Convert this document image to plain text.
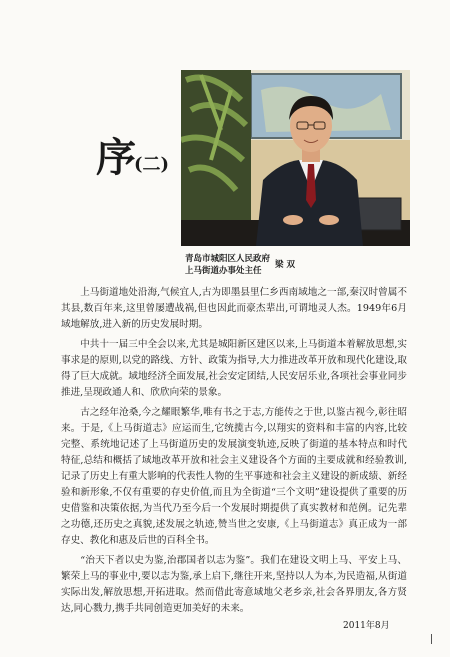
序
(二)
青岛市城阳区人民政府
上马街道办事处主任
梁 双

上马街道地处沿海,气候宜人,古为即墨县里仁乡西南域地之一部,秦汉时曾属不其县,数百年来,这里曾屡遭战祸,但也因此而豪杰辈出,可谓地灵人杰。1949年6月域地解放,进入新的历史发展时期。

中共十一届三中全会以来,尤其是城阳新区建区以来,上马街道本着解放思想,实事求是的原则,以党的路线、方针、政策为指导,大力推进改革开放和现代化建设,取得了巨大成就。域地经济全面发展,社会安定团结,人民安居乐业,各项社会事业同步推进,呈现政通人和、欣欣向荣的景象。

古之经年沧桑,今之耀眼繁华,唯有书之于志,方能传之于世,以鉴古视今,彰往昭来。于是,《上马街道志》应运而生,它统揽古今,以翔实的资料和丰富的内容,比较完整、系统地记述了上马街道历史的发展演变轨迹,反映了街道的基本特点和时代特征,总结和概括了域地改革开放和社会主义建设各个方面的主要成就和经验教训,记录了历史上有重大影响的代表性人物的生平事迹和社会主义建设的新成绩、新经验和新形象,不仅有重要的存史价值,而且为全街道“三个文明”建设提供了重要的历史借鉴和决策依据,为当代乃至今后一个发展时期提供了真实教材和范例。记先辈之功德,还历史之真貌,述发展之轨迹,赞当世之安康,《上马街道志》真正成为一部存史、教化和惠及后世的百科全书。

“治天下者以史为鉴,治郡国者以志为鉴”。我们在建设文明上马、平安上马、繁荣上马的事业中,要以志为鉴,承上启下,继往开来,坚持以人为本,为民造福,从街道实际出发,解放思想,开拓进取。然而借此寄意域地父老乡亲,社会各界朋友,各方贤达,同心戮力,携手共同创造更加美好的未来。

2011年8月
